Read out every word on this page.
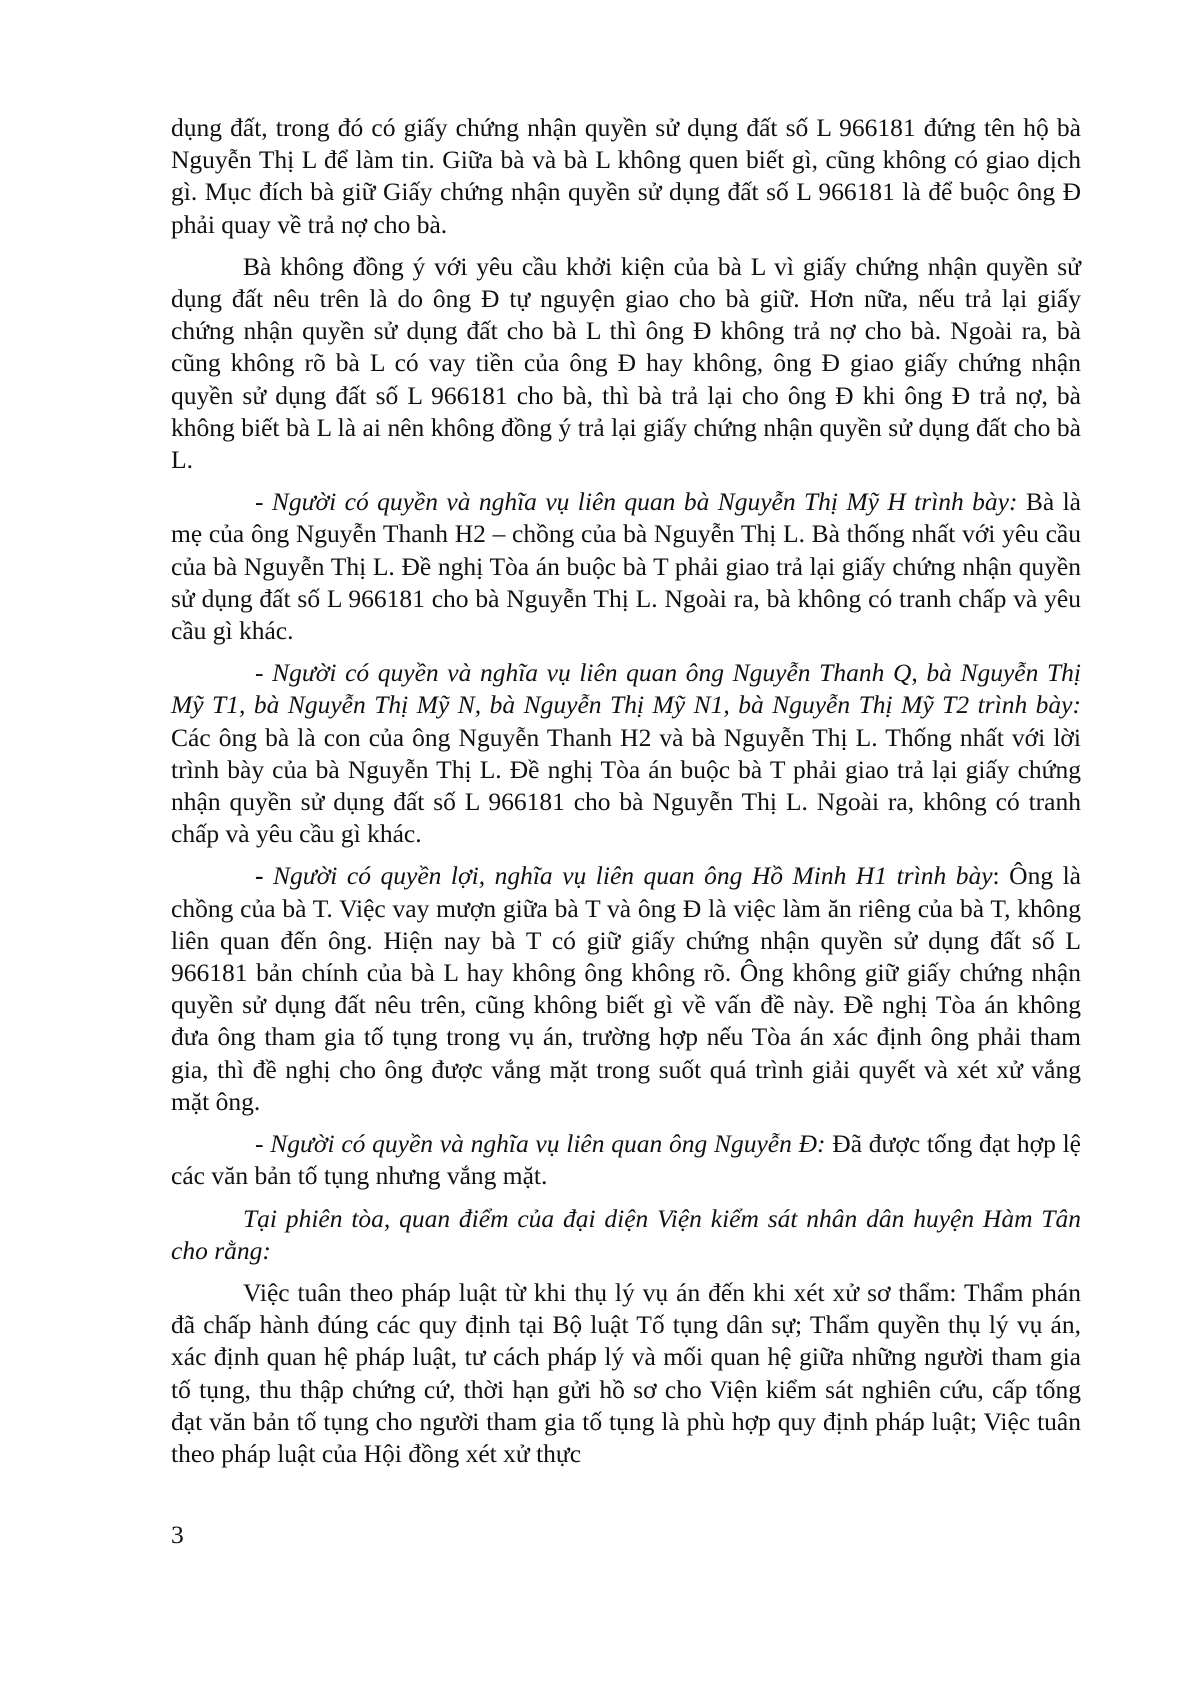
dụng đất, trong đó có giấy chứng nhận quyền sử dụng đất số L 966181 đứng tên hộ bà Nguyễn Thị L để làm tin. Giữa bà và bà L không quen biết gì, cũng không có giao dịch gì. Mục đích bà giữ Giấy chứng nhận quyền sử dụng đất số L 966181 là để buộc ông Đ phải quay về trả nợ cho bà.

Bà không đồng ý với yêu cầu khởi kiện của bà L vì giấy chứng nhận quyền sử dụng đất nêu trên là do ông Đ tự nguyện giao cho bà giữ. Hơn nữa, nếu trả lại giấy chứng nhận quyền sử dụng đất cho bà L thì ông Đ không trả nợ cho bà. Ngoài ra, bà cũng không rõ bà L có vay tiền của ông Đ hay không, ông Đ giao giấy chứng nhận quyền sử dụng đất số L 966181 cho bà, thì bà trả lại cho ông Đ khi ông Đ trả nợ, bà không biết bà L là ai nên không đồng ý trả lại giấy chứng nhận quyền sử dụng đất cho bà L.

- Người có quyền và nghĩa vụ liên quan bà Nguyễn Thị Mỹ H trình bày: Bà là mẹ của ông Nguyễn Thanh H2 – chồng của bà Nguyễn Thị L. Bà thống nhất với yêu cầu của bà Nguyễn Thị L. Đề nghị Tòa án buộc bà T phải giao trả lại giấy chứng nhận quyền sử dụng đất số L 966181 cho bà Nguyễn Thị L. Ngoài ra, bà không có tranh chấp và yêu cầu gì khác.

- Người có quyền và nghĩa vụ liên quan ông Nguyễn Thanh Q, bà Nguyễn Thị Mỹ T1, bà Nguyễn Thị Mỹ N, bà Nguyễn Thị Mỹ N1, bà Nguyễn Thị Mỹ T2 trình bày: Các ông bà là con của ông Nguyễn Thanh H2 và bà Nguyễn Thị L. Thống nhất với lời trình bày của bà Nguyễn Thị L. Đề nghị Tòa án buộc bà T phải giao trả lại giấy chứng nhận quyền sử dụng đất số L 966181 cho bà Nguyễn Thị L. Ngoài ra, không có tranh chấp và yêu cầu gì khác.

- Người có quyền lợi, nghĩa vụ liên quan ông Hồ Minh H1 trình bày: Ông là chồng của bà T. Việc vay mượn giữa bà T và ông Đ là việc làm ăn riêng của bà T, không liên quan đến ông. Hiện nay bà T có giữ giấy chứng nhận quyền sử dụng đất số L 966181 bản chính của bà L hay không ông không rõ. Ông không giữ giấy chứng nhận quyền sử dụng đất nêu trên, cũng không biết gì về vấn đề này. Đề nghị Tòa án không đưa ông tham gia tố tụng trong vụ án, trường hợp nếu Tòa án xác định ông phải tham gia, thì đề nghị cho ông được vắng mặt trong suốt quá trình giải quyết và xét xử vắng mặt ông.

- Người có quyền và nghĩa vụ liên quan ông Nguyễn Đ: Đã được tống đạt hợp lệ các văn bản tố tụng nhưng vắng mặt.

Tại phiên tòa, quan điểm của đại diện Viện kiểm sát nhân dân huyện Hàm Tân cho rằng:

Việc tuân theo pháp luật từ khi thụ lý vụ án đến khi xét xử sơ thẩm: Thẩm phán đã chấp hành đúng các quy định tại Bộ luật Tố tụng dân sự; Thẩm quyền thụ lý vụ án, xác định quan hệ pháp luật, tư cách pháp lý và mối quan hệ giữa những người tham gia tố tụng, thu thập chứng cứ, thời hạn gửi hồ sơ cho Viện kiểm sát nghiên cứu, cấp tống đạt văn bản tố tụng cho người tham gia tố tụng là phù hợp quy định pháp luật; Việc tuân theo pháp luật của Hội đồng xét xử thực

3
